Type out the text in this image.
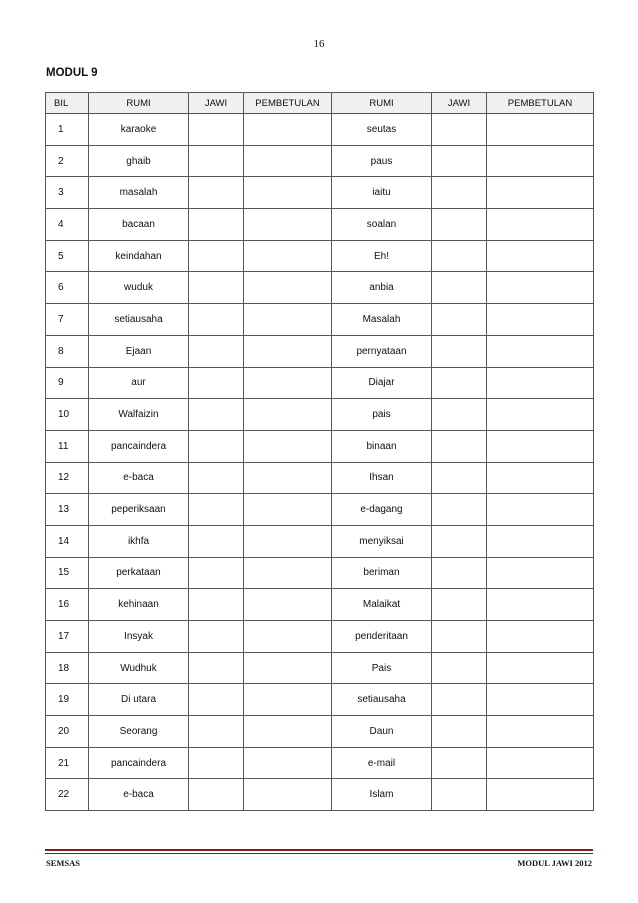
16
MODUL 9
BIL	RUMI	JAWI	PEMBETULAN	RUMI	JAWI	PEMBETULAN
1	karaoke			seutas		
2	ghaib			paus		
3	masalah			iaitu		
4	bacaan			soalan		
5	keindahan			Eh!		
6	wuduk			anbia		
7	setiausaha			Masalah		
8	Ejaan			pernyataan		
9	aur			Diajar		
10	Walfaizin			pais		
11	pancaindera			binaan		
12	e-baca			Ihsan		
13	peperiksaan			e-dagang		
14	ikhfa			menyiksai		
15	perkataan			beriman		
16	kehinaan			Malaikat		
17	Insyak			penderitaan		
18	Wudhuk			Pais		
19	Di utara			setiausaha		
20	Seorang			Daun		
21	pancaindera			e-mail		
22	e-baca			Islam		
SEMSAS	MODUL JAWI 2012
